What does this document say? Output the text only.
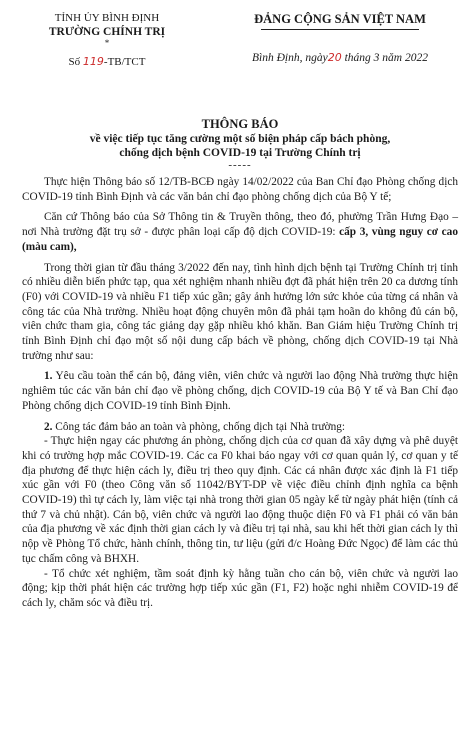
TỈNH ỦY BÌNH ĐỊNH
TRƯỜNG CHÍNH TRỊ
*
Số 119-TB/TCT
ĐẢNG CỘNG SẢN VIỆT NAM
Bình Định, ngày20 tháng 3 năm 2022
THÔNG BÁO
về việc tiếp tục tăng cường một số biện pháp cấp bách phòng, chống dịch bệnh COVID-19 tại Trường Chính trị
-----

Thực hiện Thông báo số 12/TB-BCĐ ngày 14/02/2022 của Ban Chỉ đạo Phòng chống dịch COVID-19 tỉnh Bình Định và các văn bản chỉ đạo phòng chống dịch của Bộ Y tế;

Căn cứ Thông báo của Sở Thông tin & Truyền thông, theo đó, phường Trần Hưng Đạo – nơi Nhà trường đặt trụ sở - được phân loại cấp độ dịch COVID-19: cấp 3, vùng nguy cơ cao (màu cam),

Trong thời gian từ đầu tháng 3/2022 đến nay, tình hình dịch bệnh tại Trường Chính trị tỉnh có nhiều diễn biến phức tạp, qua xét nghiệm nhanh nhiều đợt đã phát hiện trên 20 ca dương tính (F0) với COVID-19 và nhiều F1 tiếp xúc gần; gây ảnh hưởng lớn sức khỏe của từng cá nhân và công tác của Nhà trường. Nhiều hoạt động chuyên môn đã phải tạm hoãn do không đủ cán bộ, viên chức tham gia, công tác giảng dạy gặp nhiều khó khăn. Ban Giám hiệu Trường Chính trị tỉnh Bình Định chỉ đạo một số nội dung cấp bách về phòng, chống dịch COVID-19 tại Nhà trường như sau:

1. Yêu cầu toàn thể cán bộ, đảng viên, viên chức và người lao động Nhà trường thực hiện nghiêm túc các văn bản chỉ đạo về phòng chống, dịch COVID-19 của Bộ Y tế và Ban Chỉ đạo Phòng chống dịch COVID-19 tỉnh Bình Định.

2. Công tác đảm bảo an toàn và phòng, chống dịch tại Nhà trường:

- Thực hiện ngay các phương án phòng, chống dịch của cơ quan đã xây dựng và phê duyệt khi có trường hợp mắc COVID-19. Các ca F0 khai báo ngay với cơ quan quản lý, cơ quan y tế địa phương để thực hiện cách ly, điều trị theo quy định. Các cá nhân được xác định là F1 tiếp xúc gần với F0 (theo Công văn số 11042/BYT-DP về việc điều chỉnh định nghĩa ca bệnh COVID-19) thì tự cách ly, làm việc tại nhà trong thời gian 05 ngày kể từ ngày phát hiện (tính cả thứ 7 và chủ nhật). Cán bộ, viên chức và người lao động thuộc diện F0 và F1 phải có văn bản của địa phương về xác định thời gian cách ly và điều trị tại nhà, sau khi hết thời gian cách ly thì nộp về Phòng Tổ chức, hành chính, thông tin, tư liệu (gửi đ/c Hoàng Đức Ngọc) để làm các thủ tục chấm công và BHXH.

- Tổ chức xét nghiệm, tầm soát định kỳ hằng tuần cho cán bộ, viên chức và người lao động; kịp thời phát hiện các trường hợp tiếp xúc gần (F1, F2) hoặc nghi nhiễm COVID-19 để cách ly, chăm sóc và điều trị.
